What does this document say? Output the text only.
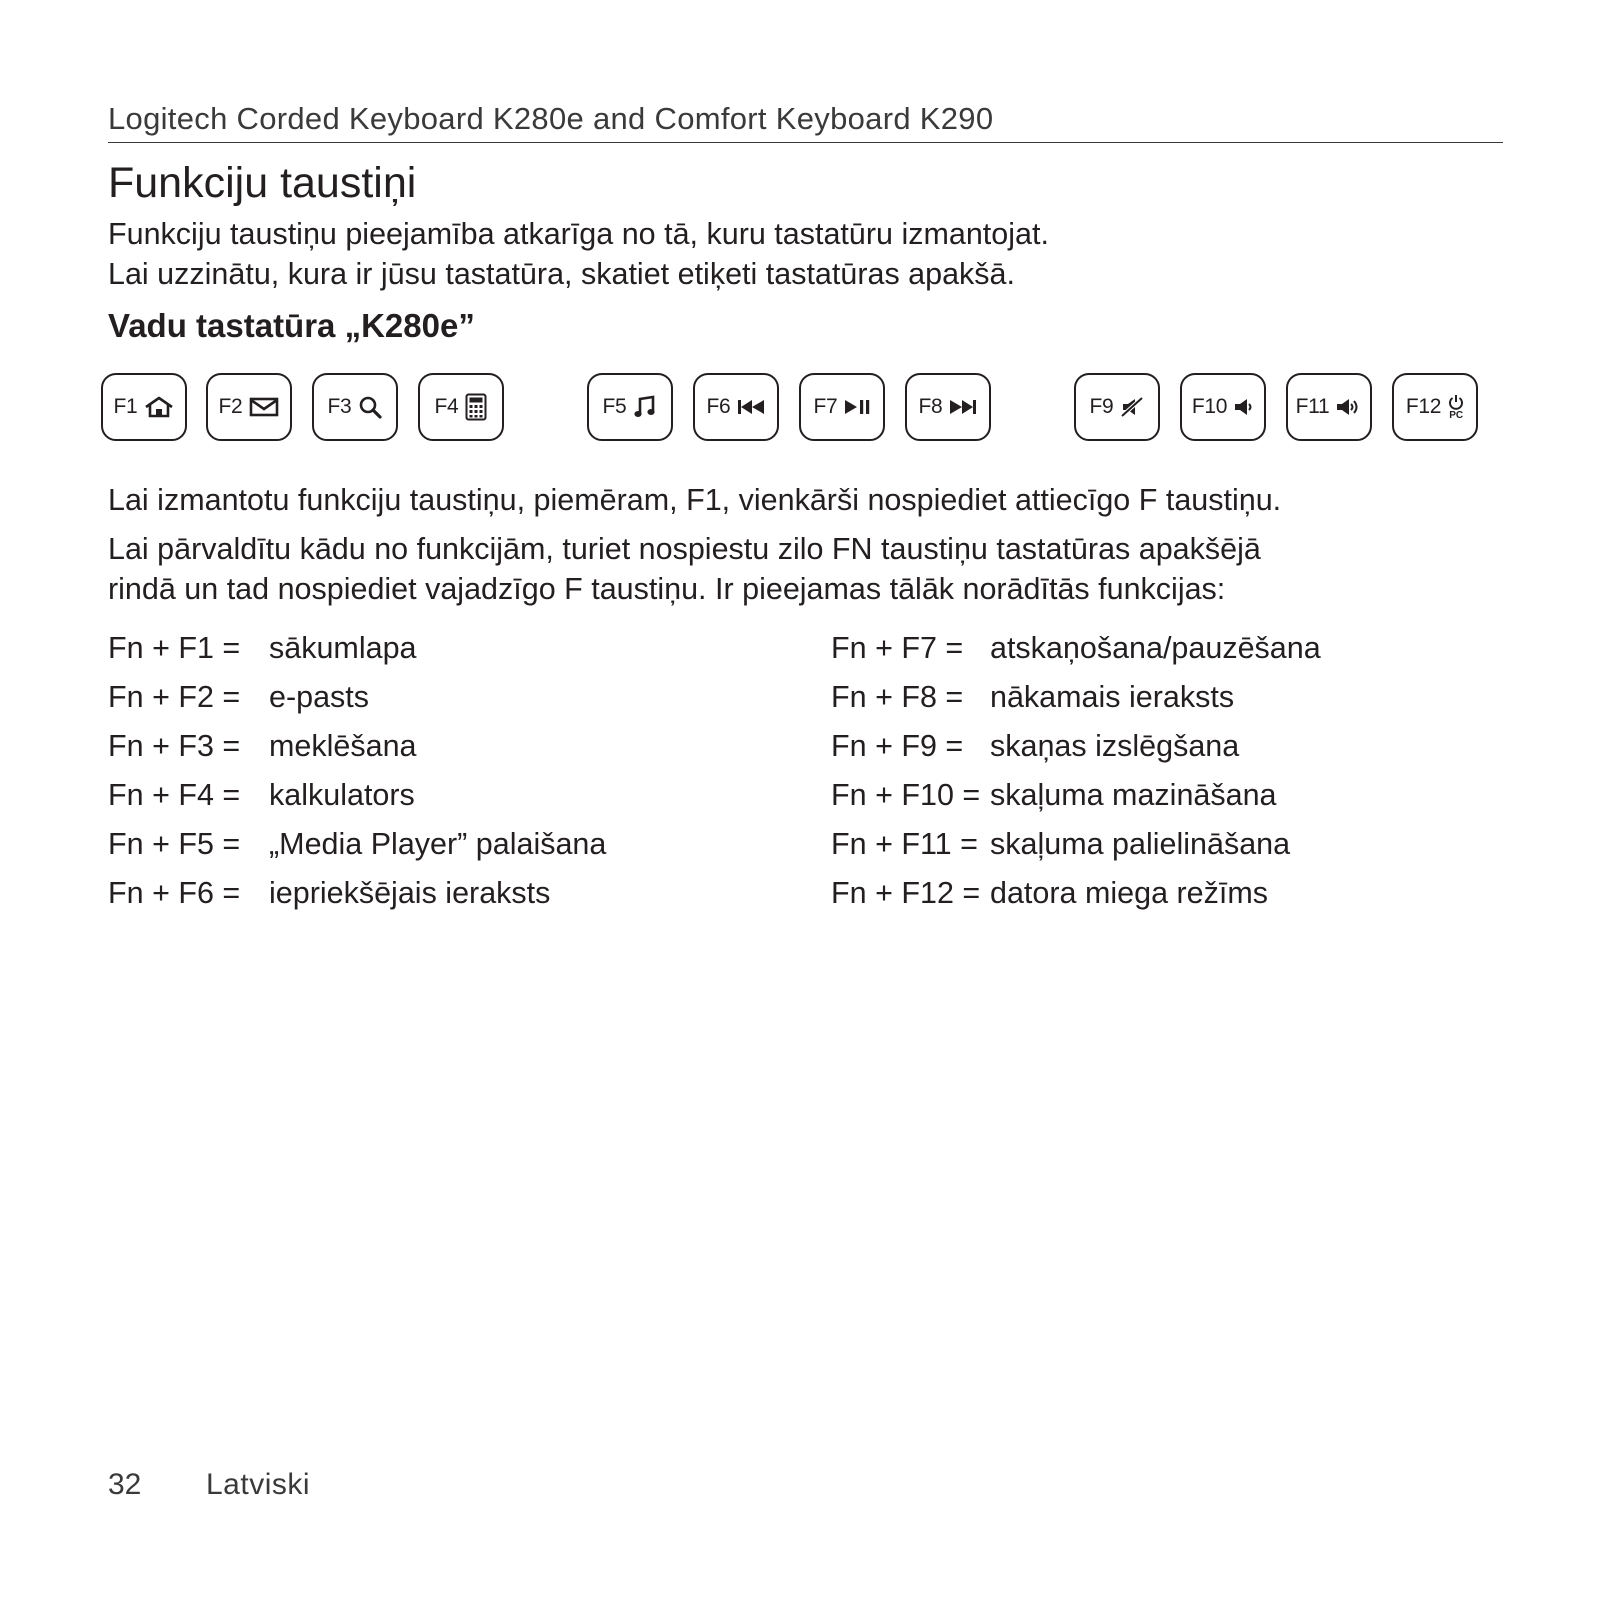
Logitech Corded Keyboard K280e and Comfort Keyboard K290
Funkciju taustiņi
Funkciju taustiņu pieejamība atkarīga no tā, kuru tastatūru izmantojat.
Lai uzzinātu, kura ir jūsu tastatūra, skatiet etiķeti tastatūras apakšā.
Vadu tastatūra „K280e”
F1	F2	F3	F4	F5	F6	F7	F8	F9	F10	F11	F12 PC
Lai izmantotu funkciju taustiņu, piemēram, F1, vienkārši nospiediet attiecīgo F taustiņu.
Lai pārvaldītu kādu no funkcijām, turiet nospiestu zilo FN taustiņu tastatūras apakšējā
rindā un tad nospiediet vajadzīgo F taustiņu. Ir pieejamas tālāk norādītās funkcijas:
Fn + F1 = sākumlapa
Fn + F2 = e-pasts
Fn + F3 = meklēšana
Fn + F4 = kalkulators
Fn + F5 = „Media Player” palaišana
Fn + F6 = iepriekšējais ieraksts
Fn + F7 = atskaņošana/pauzēšana
Fn + F8 = nākamais ieraksts
Fn + F9 = skaņas izslēgšana
Fn + F10 = skaļuma mazināšana
Fn + F11 = skaļuma palielināšana
Fn + F12 = datora miega režīms
32 Latviski
